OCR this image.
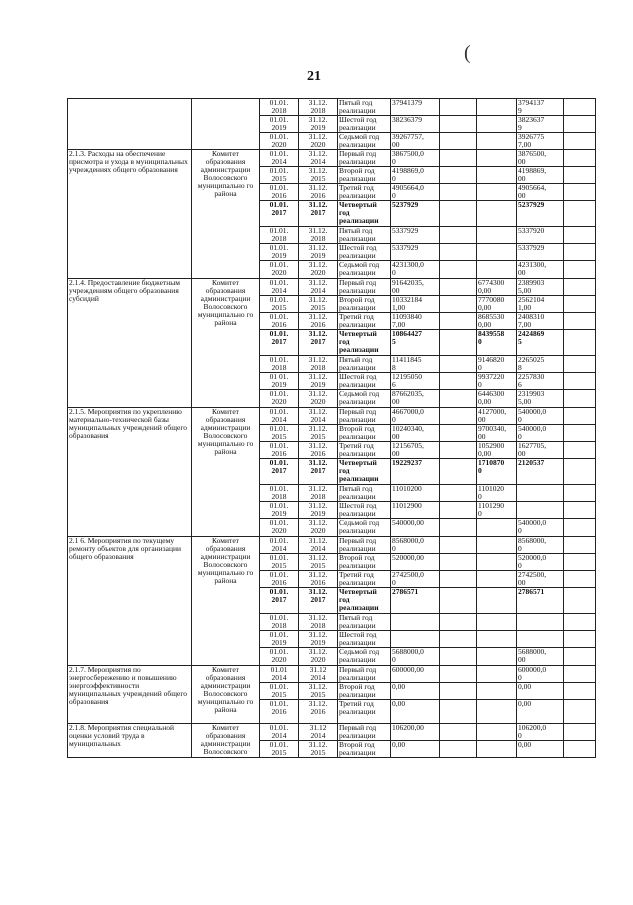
(
21
		01.01.
2018	31.12.
2018	Пятый год
реализации	37941379			3794137
9	
		01.01.
2019	31.12.
2019	Шестой год
реализации	38236379			3823637
9	
		01.01.
2020	31.12.
2020	Седьмой год
реализации	39267757,
00			3926775
7,00	
2.1.3. Расходы на обеспечение присмотра и ухода в муниципальных учреждениях общего образования	Комитет образования администрации Волосовского муниципально го района	01.01.
2014	31.12.
2014	Первый год
реализации	3867500,0
0			3876500,
00	
		01.01.
2015	31.12.
2015	Второй год
реализации	4198869,0
0			4198869,
00	
		01.01.
2016	31.12.
2016	Третий год
реализации	4905664,0
0			4905664,
00	
		01.01.
2017	31.12.
2017	Четвертый
год
реализации	5237929			5237929	
		01.01.
2018	31.12.
2018	Пятый год
реализации	5337929			5337920	
		01.01.
2019	31.12.
2019	Шестой год
реализации	5337929			5337929	
		01.01.
2020	31.12.
2020	Седьмой год
реализации	4231300,0
0			4231300,
00	
2.1.4. Предоставление бюджетным учреждениям общего образования субсидий	Комитет образования администрации Волосовского муниципально го района	01.01.
2014	31.12.
2014	Первый год
реализации	91642035,
00		6774300
0,00	2389903
5,00	
		01.01.
2015	31.12.
2015	Второй год
реализации	10332184
1,00		7770080
0,00	2562104
1,00	
		01.01.
2016	31.12.
2016	Третий год
реализации	11093840
7,00		8685530
0,00	2408310
7,00	
		01.01.
2017	31.12.
2017	Четвертый
год
реализации	10864427
5		8439558
0	2424869
5	
		01.01.
2018	31.12.
2018	Пятый год
реализации	11411845
8		9146820
0	2265025
8	
		01 01.
2019	31.12.
2019	Шестой год
реализации	12195050
6		9937220
0	2257830
6	
		01.01.
2020	31.12.
2020	Седьмой год
реализации	87662035,
00		6446300
0,00	2319903
5,00	
2.1.5. Мероприятия по укреплению материально-технической базы муниципальных учреждений общего образования	Комитет образования администрации Волосовского муниципально го района	01.01.
2014	31.12.
2014	Первый год
реализации	4667000,0
0		4127000,
00	540000,0
0	
		01.01.
2015	31.12.
2015	Второй год
реализации	10240340,
00		9700340,
00	540000,0
0	
		01.01.
2016	31.12.
2016	Третий год
реализации	12156705,
00		1052900
0,00	1627705,
00	
		01.01.
2017	31.12.
2017	Четвертый
год
реализации	19229237		1710870
0	2120537	
		01.01.
2018	31.12.
2018	Пятый год
реализации	11010200		1101020
0		
		01.01.
2019	31.12.
2019	Шестой год
реализации	11012900		1101290
0		
		01.01.
2020	31.12.
2020	Седьмой год
реализации	540000,00			540000,0
0	
2.1 6. Мероприятия по текущему ремонту объектов для организации общего образования	Комитет образования администрации Волосовского муниципально го района	01.01.
2014	31.12.
2014	Первый год
реализации	8568000,0
0			8568000,
0	
		01.01.
2015	31.12.
2015	Второй год
реализации	520000,00			520000,0
0	
		01.01.
2016	31.12.
2016	Третий год
реализации	2742500,0
0			2742500,
00	
		01.01.
2017	31.12.
2017	Четвертый
год
реализации	2786571			2786571	
		01.01.
2018	31.12.
2018	Пятый год
реализации					
		01.01.
2019	31.12.
2019	Шестой год
реализации					
		01.01.
2020	31.12.
2020	Седьмой год
реализации	5688000,0
0			5688000,
00	
2.1.7. Мероприятия по энергосбережению и повышению энергоэффективности муниципальных учреждений общего образования	Комитет образования администрации Волосовского муниципально го района	01.01
2014	31.12
2014	Первый год
реализации	600000,00			600000,0
0	
		01.01.
2015	31.12.
2015	Второй год
реализации	0,00			0,00	
		01.01.
2016	31.12.
2016	Третий год
реализации	0,00			0,00	
2.1.8. Мероприятия специальной оценки условий труда в муниципальных	Комитет образования администрации Волосовского	01.01.
2014	31.12
2014	Первый год
реализации	106200,00			106200,0
0	
		01.01.
2015	31.12.
2015	Второй год
реализации	0,00			0,00	
